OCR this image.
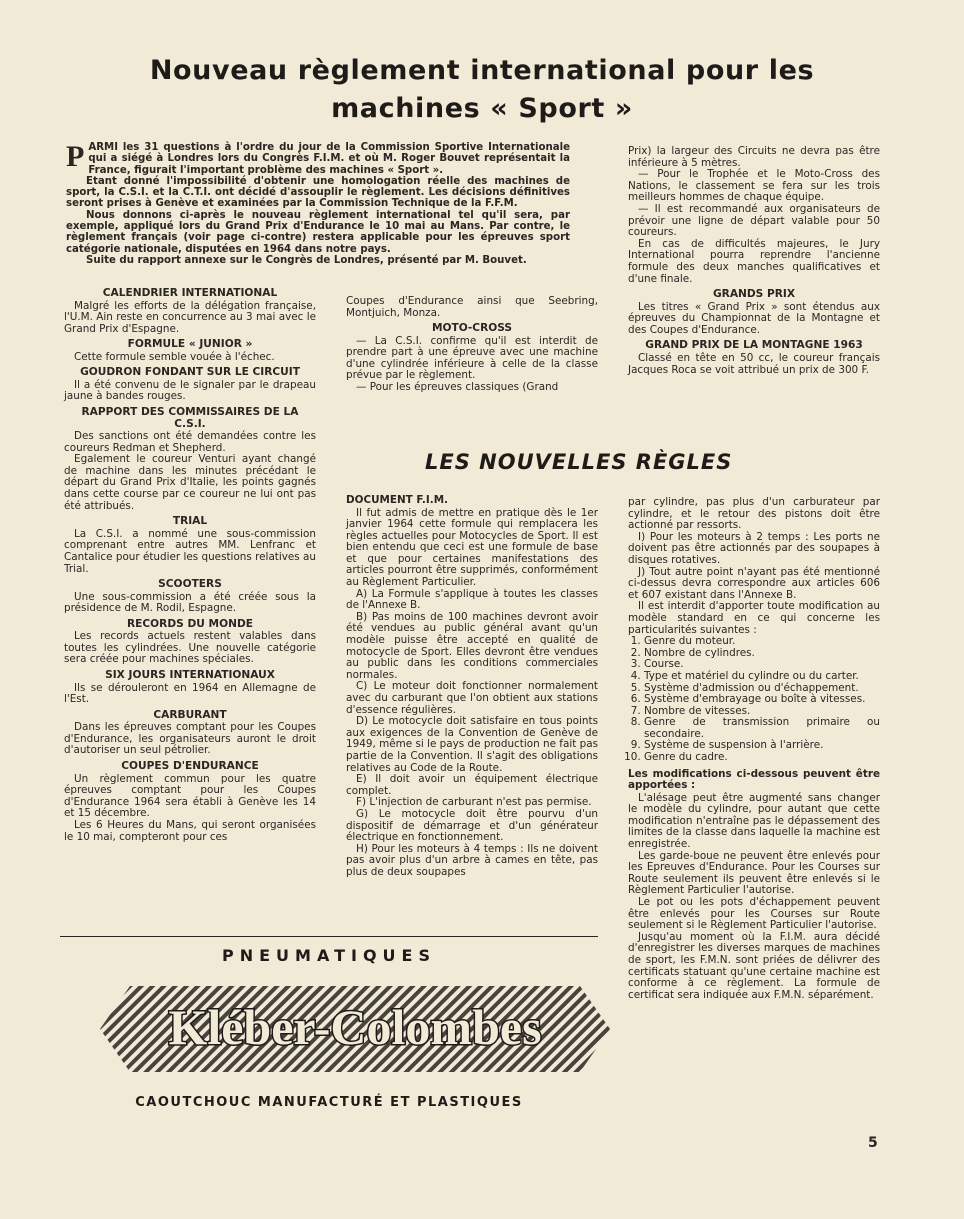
Nouveau règlement international pour les
machines « Sport »
P ARMI les 31 questions à l'ordre du jour de la Commission Sportive Internationale qui a siégé à Londres lors du Congrès F.I.M. et où M. Roger Bouvet représentait la France, figurait l'important problème des machines « Sport ».

Etant donné l'impossibilité d'obtenir une homologation réelle des machines de sport, la C.S.I. et la C.T.I. ont décidé d'assouplir le règlement. Les décisions définitives seront prises à Genève et examinées par la Commission Technique de la F.F.M.

Nous donnons ci-après le nouveau règlement international tel qu'il sera, par exemple, appliqué lors du Grand Prix d'Endurance le 10 mai au Mans. Par contre, le règlement français (voir page ci-contre) restera applicable pour les épreuves sport catégorie nationale, disputées en 1964 dans notre pays.

Suite du rapport annexe sur le Congrès de Londres, présenté par M. Bouvet.

CALENDRIER INTERNATIONAL

Malgré les efforts de la délégation française, l'U.M. Ain reste en concurrence au 3 mai avec le Grand Prix d'Espagne.

FORMULE « JUNIOR »

Cette formule semble vouée à l'échec.

GOUDRON FONDANT SUR LE CIRCUIT

Il a été convenu de le signaler par le drapeau jaune à bandes rouges.

RAPPORT DES COMMISSAIRES DE LA C.S.I.

Des sanctions ont été demandées contre les coureurs Redman et Shepherd.

Egalement le coureur Venturi ayant changé de machine dans les minutes précédant le départ du Grand Prix d'Italie, les points gagnés dans cette course par ce coureur ne lui ont pas été attribués.

TRIAL

La C.S.I. a nommé une sous-commission comprenant entre autres MM. Lenfranc et Cantalice pour étudier les questions relatives au Trial.

SCOOTERS

Une sous-commission a été créée sous la présidence de M. Rodil, Espagne.

RECORDS DU MONDE

Les records actuels restent valables dans toutes les cylindrées. Une nouvelle catégorie sera créée pour machines spéciales.

SIX JOURS INTERNATIONAUX

Ils se dérouleront en 1964 en Allemagne de l'Est.

CARBURANT

Dans les épreuves comptant pour les Coupes d'Endurance, les organisateurs auront le droit d'autoriser un seul pétrolier.

COUPES D'ENDURANCE

Un règlement commun pour les quatre épreuves comptant pour les Coupes d'Endurance 1964 sera établi à Genève les 14 et 15 décembre.

Les 6 Heures du Mans, qui seront organisées le 10 mai, compteront pour ces

Coupes d'Endurance ainsi que Seebring, Montjuich, Monza.

MOTO-CROSS

— La C.S.I. confirme qu'il est interdit de prendre part à une épreuve avec une machine d'une cylindrée inférieure à celle de la classe prévue par le règlement.

— Pour les épreuves classiques (Grand

Prix) la largeur des Circuits ne devra pas être inférieure à 5 mètres.

— Pour le Trophée et le Moto-Cross des Nations, le classement se fera sur les trois meilleurs hommes de chaque équipe.

— Il est recommandé aux organisateurs de prévoir une ligne de départ valable pour 50 coureurs.

En cas de difficultés majeures, le Jury International pourra reprendre l'ancienne formule des deux manches qualificatives et d'une finale.

GRANDS PRIX

Les titres « Grand Prix » sont étendus aux épreuves du Championnat de la Montagne et des Coupes d'Endurance.

GRAND PRIX DE LA MONTAGNE 1963

Classé en tête en 50 cc, le coureur français Jacques Roca se voit attribué un prix de 300 F.

LES NOUVELLES RÈGLES
DOCUMENT F.I.M.

Il fut admis de mettre en pratique dès le 1er janvier 1964 cette formule qui remplacera les règles actuelles pour Motocycles de Sport. Il est bien entendu que ceci est une formule de base et que pour certaines manifestations des articles pourront être supprimés, conformément au Règlement Particulier.

A) La Formule s'applique à toutes les classes de l'Annexe B.

B) Pas moins de 100 machines devront avoir été vendues au public général avant qu'un modèle puisse être accepté en qualité de motocycle de Sport. Elles devront être vendues au public dans les conditions commerciales normales.

C) Le moteur doit fonctionner normalement avec du carburant que l'on obtient aux stations d'essence régulières.

D) Le motocycle doit satisfaire en tous points aux exigences de la Convention de Genève de 1949, même si le pays de production ne fait pas partie de la Convention. Il s'agit des obligations relatives au Code de la Route.

E) Il doit avoir un équipement électrique complet.

F) L'injection de carburant n'est pas permise.

G) Le motocycle doit être pourvu d'un dispositif de démarrage et d'un générateur électrique en fonctionnement.

H) Pour les moteurs à 4 temps : Ils ne doivent pas avoir plus d'un arbre à cames en tête, pas plus de deux soupapes

par cylindre, pas plus d'un carburateur par cylindre, et le retour des pistons doit être actionné par ressorts.

I) Pour les moteurs à 2 temps : Les ports ne doivent pas être actionnés par des soupapes à disques rotatives.

J) Tout autre point n'ayant pas été mentionné ci-dessus devra correspondre aux articles 606 et 607 existant dans l'Annexe B.

Il est interdit d'apporter toute modification au modèle standard en ce qui concerne les particularités suivantes :

1. Genre du moteur.
2. Nombre de cylindres.
3. Course.
4. Type et matériel du cylindre ou du carter.
5. Système d'admission ou d'échappement.
6. Système d'embrayage ou boîte à vitesses.
7. Nombre de vitesses.
8. Genre de transmission primaire ou secondaire.
9. Système de suspension à l'arrière.
10. Genre du cadre.
Les modifications ci-dessous peuvent être apportées :

L'alésage peut être augmenté sans changer le modèle du cylindre, pour autant que cette modification n'entraîne pas le dépassement des limites de la classe dans laquelle la machine est enregistrée.

Les garde-boue ne peuvent être enlevés pour les Epreuves d'Endurance. Pour les Courses sur Route seulement ils peuvent être enlevés si le Règlement Particulier l'autorise.

Le pot ou les pots d'échappement peuvent être enlevés pour les Courses sur Route seulement si le Règlement Particulier l'autorise.

Jusqu'au moment où la F.I.M. aura décidé d'enregistrer les diverses marques de machines de sport, les F.M.N. sont priées de délivrer des certificats statuant qu'une certaine machine est conforme à ce règlement. La formule de certificat sera indiquée aux F.M.N. séparément.

PNEUMATIQUES
Kléber-Colombes
CAOUTCHOUC MANUFACTURÉ ET PLASTIQUES
5
